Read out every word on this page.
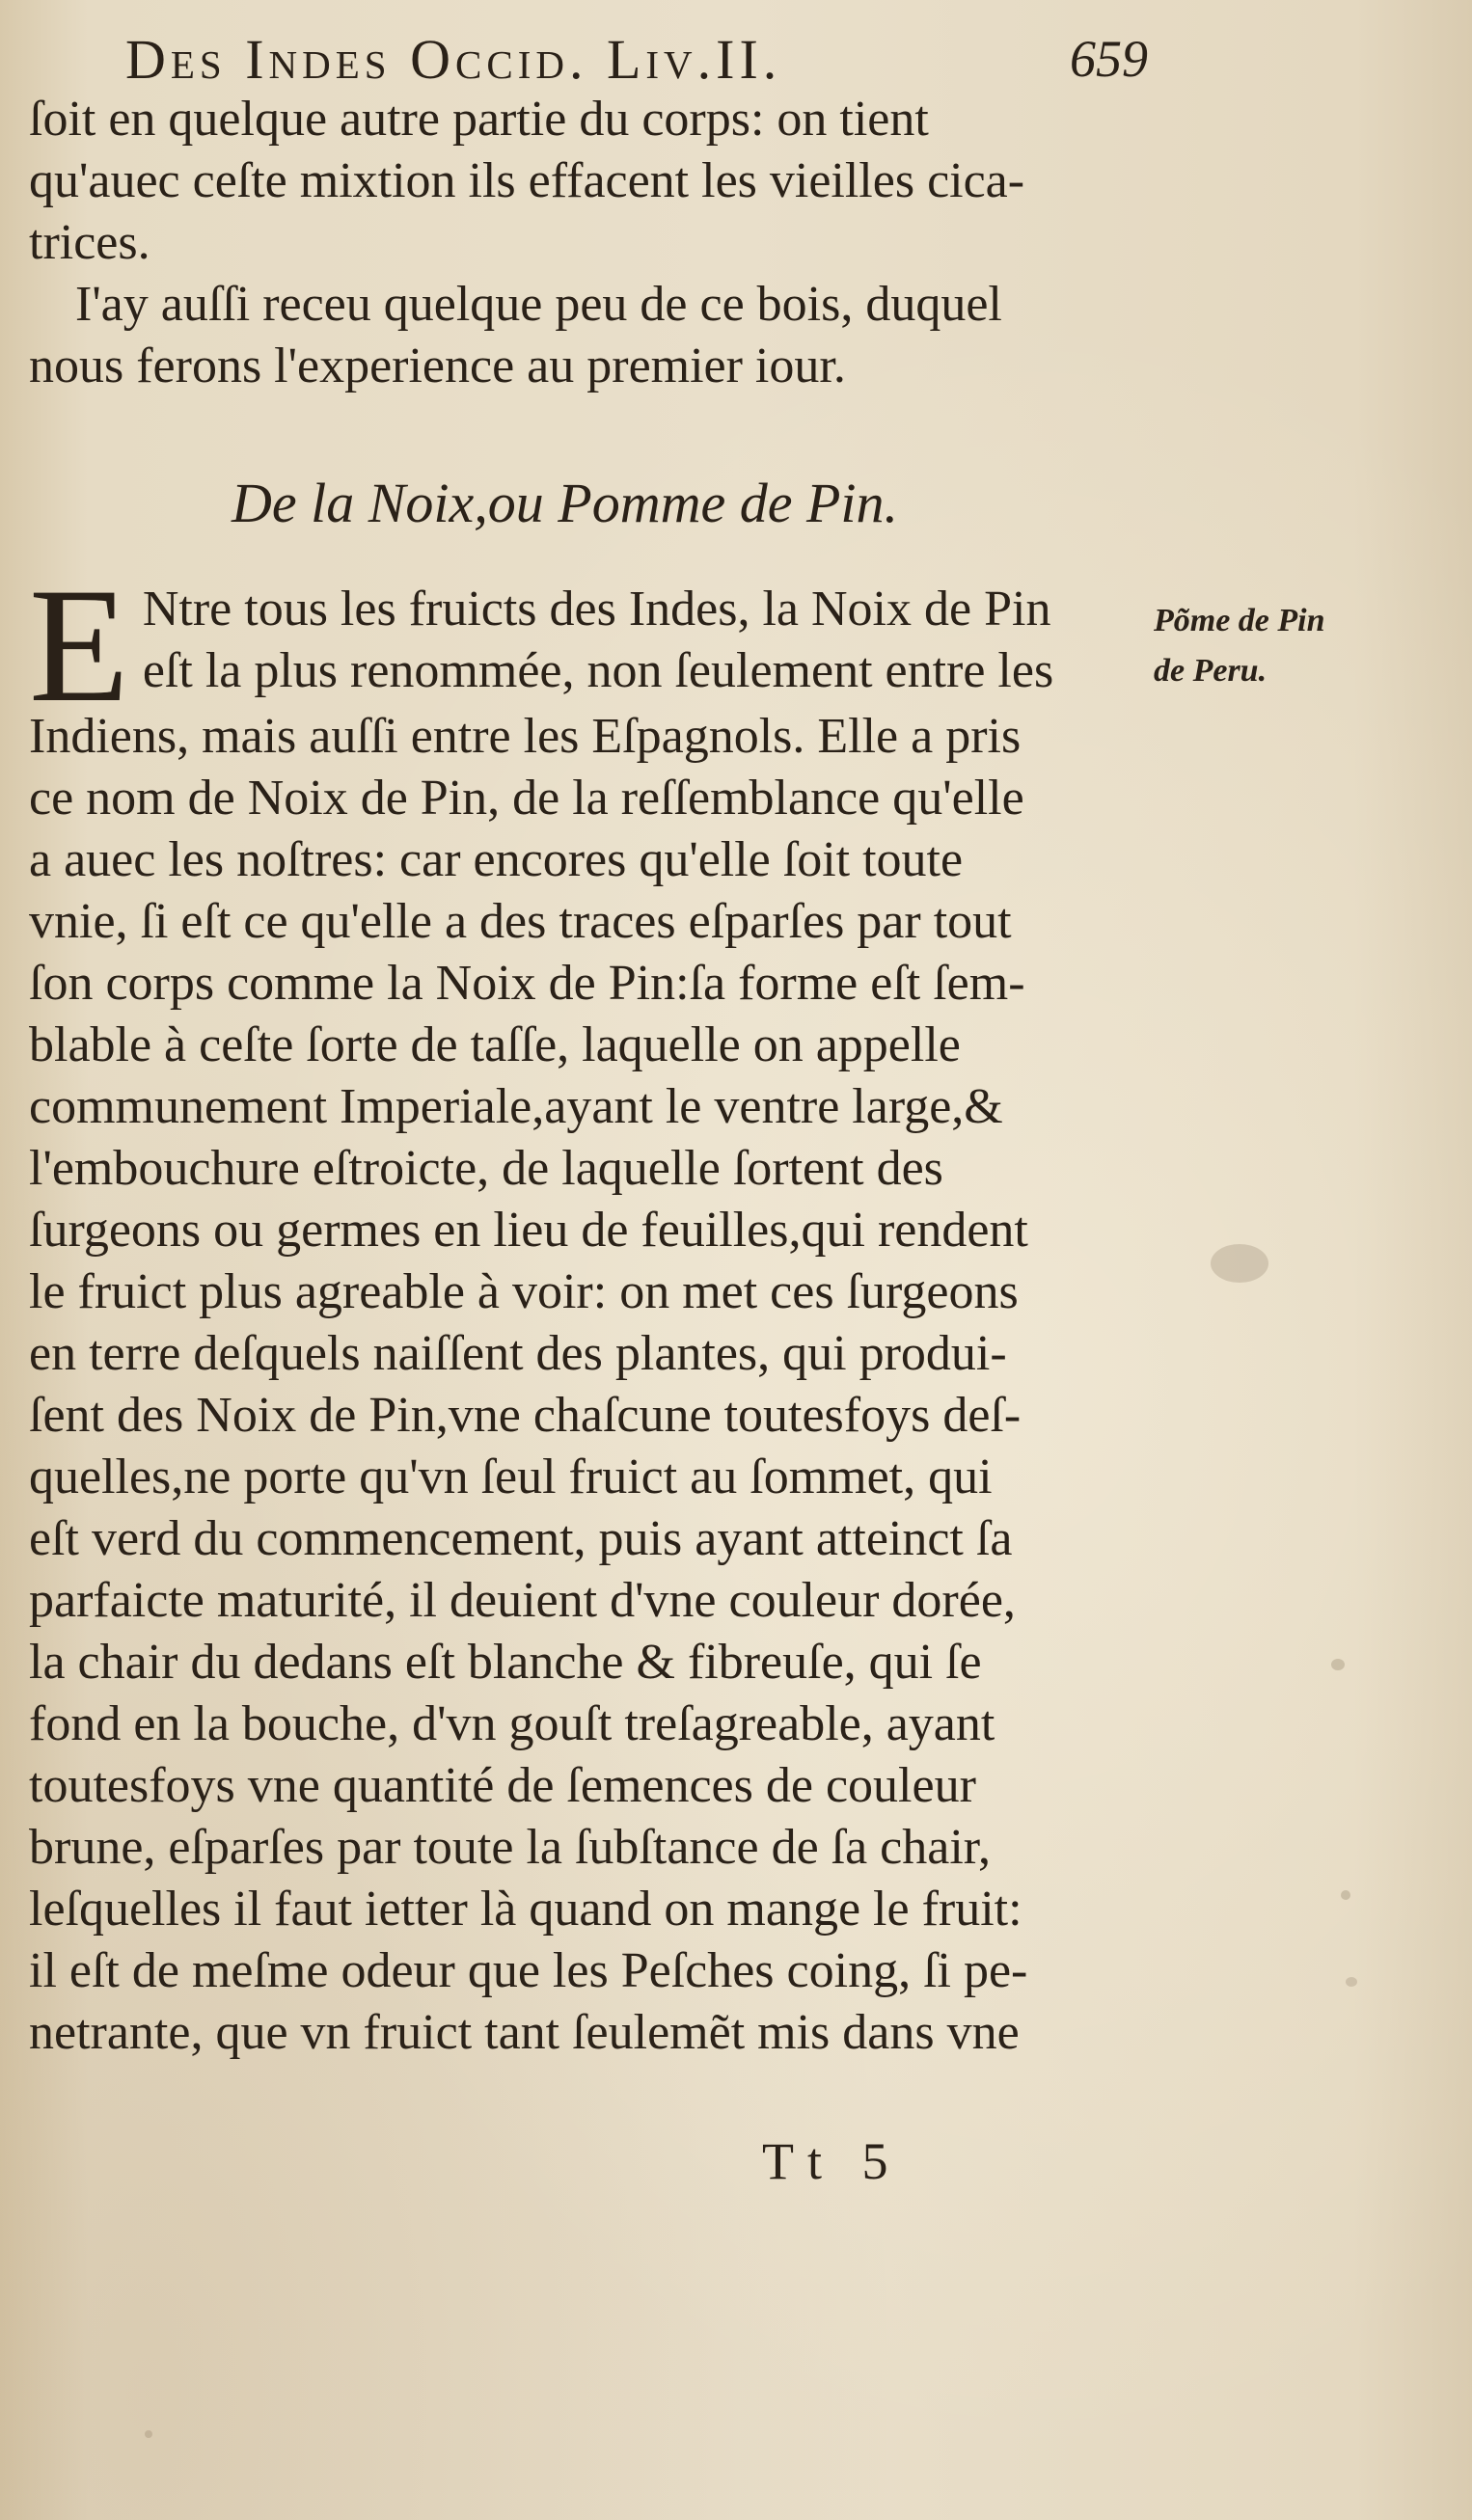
Des Indes Occid. Liv.II.	659
ſoit en quelque autre partie du corps: on tient
qu'auec ceſte mixtion ils effacent les vieilles cica-
trices.
I'ay auſſi receu quelque peu de ce bois, duquel
nous ferons l'experience au premier iour.
De la Noix,ou Pomme de Pin.
E Ntre tous les fruicts des Indes, la Noix de Pin
eſt la plus renommée, non ſeulement entre les
Indiens, mais auſſi entre les Eſpagnols. Elle a pris
ce nom de Noix de Pin, de la reſſemblance qu'elle
a auec les noſtres: car encores qu'elle ſoit toute
vnie, ſi eſt ce qu'elle a des traces eſparſes par tout
ſon corps comme la Noix de Pin:ſa forme eſt ſem-
blable à ceſte ſorte de taſſe, laquelle on appelle
communement Imperiale,ayant le ventre large,&
l'embouchure eſtroicte, de laquelle ſortent des
ſurgeons ou germes en lieu de feuilles,qui rendent
le fruict plus agreable à voir: on met ces ſurgeons
en terre deſquels naiſſent des plantes, qui produi-
ſent des Noix de Pin,vne chaſcune toutesfoys deſ-
quelles,ne porte qu'vn ſeul fruict au ſommet, qui
eſt verd du commencement, puis ayant atteinct ſa
parfaicte maturité, il deuient d'vne couleur dorée,
la chair du dedans eſt blanche & fibreuſe, qui ſe
fond en la bouche, d'vn gouſt treſagreable, ayant
toutesfoys vne quantité de ſemences de couleur
brune, eſparſes par toute la ſubſtance de ſa chair,
leſquelles il faut ietter là quand on mange le fruit:
il eſt de meſme odeur que les Peſches coing, ſi pe-
netrante, que vn fruict tant ſeulemẽt mis dans vne
Põme de Pin
de Peru.
Tt 5
